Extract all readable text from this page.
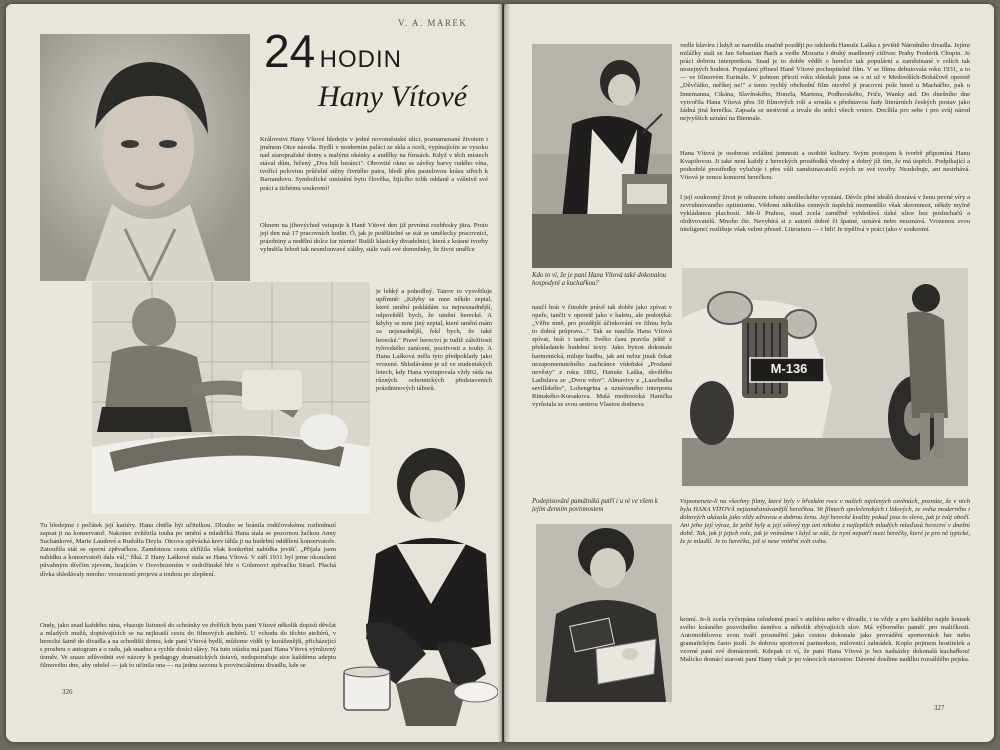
V. A. MAREK
24 HODIN
Hany Vítové
Královstvi Hany Vítové hledejte v jedné novoměstské ulici, poznamenané životem i jménem Otce národa. Bydlí v moderním paláci ze skla a oceli, vypínajícím se vysoko nad staropražské domy s malými okénky a andílky na římsách. Když v těch místech stával dům, řečený „Dva bílí beránci". Obrovité okno se závěsy barvy rudého vína, tvořící polovinu průčelní stěny čtvrtého patra, hledí přes pastelovou krásu střech k Barrandovu. Symbolické umístění bytu člověka, žijícího tolik oddaně a vášnivě své práci a tichému soukromí!
Oknem na jihovýchod vstupuje k Haně Vítové den již prvními rozbřesky jitra. Proto její den má 17 pracovních hodin. Ó, jak je potěšitelné se stát se umělecky pracovnicí, prázdniny a nedělní dolce far niente! Rušili klasicky divadelnici, která z krásné tvorby vyhnětla řehoň tak nesmlouvavé záliby, stále vaší své domněnky, že život umělce
je lehký a pohodlný. Tairov to vysvětluje upřímně: „Kdyby se mne někdo zeptal, které umění pokládám za nejnesnadnější, odpověděl bych, že umění herecké. A kdyby se mne jiný zeptal, které umění mám za nejsnadnější, řekl bych, že také herecké." Pravé herectví je tudíž záležitostí tylovského zanícení, poctivosti a touhy. A Hana Lašková měla tyto předpoklady jako vrozené. Shledáváme je už ve studentských letech, kdy Hana vystupovala vždy ráda na různých ochotnických představeních prázdninových táborů.
Tu hledejme i počátek její kariéry. Hana chtěla být učitelkou. Dlouho se bránila rodičovskému rozhodnutí zapsat ji na konservatoř. Nakonec zvítězila touha po umění a mladičká Hana stala se pozornou žačkou Anny Suchánkové, Marie Laudové a Rudolfa Deyla. Otcova zpěvácká krev táhla ji na hudební oddělení konservatoře. Zatoužila stát se operní zpěvačkou. Zaměstnou cestu zkřížila však konkrétní nabídka jevišť. „Přijala jsem nabídku a konservatoři dala vál," říká. Z Hany Laškové stala se Hana Vítová. V září 1931 byl jeme okouzleni půvabným dívčím zjevem, hrajícím v Osvobozeném v rudolfinské hře o Golemovi zpěvačku Sirael. Plachá dívka shledávaly mnoho: vroucností projevu a touhou po zlepšení.
Ondy, jako snad každého rána, vhazuje listonoš do schránky ve dvěřích bytu paní Vítové několik dopisů děvčat a mladých mužů, doptávajících se na nejkratší cestu do filmových ateliérů. U vchodu do těchto ateliérů, v herecké šatně do divadla a na schodišti domu, kde paní Vítová bydlí, můžeme vidět ty kuráženější, přicházející s prosbou o autogram a o radu, jak snadno a rychle dosíci slávy. Na tuto otázku má paní Hana Vítová výmluvný úsměv. Ve snaze zdůvodnit své názory k pedagogy dramatických ústavů, nedoporučuje sice každému adeptu filmového dne, aby odešel — jak to učinila ona — na jednu sezonu k provinciálnímu divadlu, kde se
326
vedle klavíru i když se narodila značně později po odchodu Hanuše Laška z jeviště Národního divadla. Jejími miláčky stali se Jan Sebastian Bach a vedle Mozarta i druhý madlenný citlivec Prahy Frederik Chopin. Je práci dobrou interpretkou. Snad je to dobře vědět o herečce tak populární a zaměstnané v rolích tak nestejných hodnot. Populární přinesl Haně Vítové pochopitelně film. V se filmu debutovala roku 1931, a to — ve filmovém Eurinále. V jednom přírotí roku shledali jsme se s ní už v Medoolších-Boháčově operetě „Děvčátko, neříkej ne!" a tento rychlý obchodní film otevřel jí pracovní pole hned u Macháčho, pak u Innemanna, Cikána, Slavínského, Honzla, Martena, Podhorského, Friče, Wanky atd. Do dnešního dne vytvořila Hana Vítová přes 30 filmových rolí a srostla s představou řady literárních českých postav jako žádná jiná herečka. Zapsala se nestvrné a trvale do srdcí všech vrstev. Docílila pro sebe i pro svůj národ nejvyšších uznání na Biennale.
Hana Vítová je osobnost zvláštní jemnosti a osobité kultury. Svým postojem k tvorbě připomíná Hanu Kvapilovou. Ji také není každý z hereckých prostředků vhodný a dobrý jíž tím, že má úspěch. Podpíkající a podezřelé prostředky vylučuje i přes vůli zaměstnavatelů svých ze své tvorby. Nezdobuje, ani nestrhává. Vítová je zenou komorní herečkou.
I její soukromý život je odrazem tohoto uměleckého vyznání. Dévče plné ideálů dozrává v ženu pevné víry a zevrubnovaného optimismu. Vědomí několika cenných úspěchů nezmenšilo však skromnost, někdy mylně vykládanou plachostí. Jde-li Prahou, snad zcela zaměřně vyhledává úzké ulice bez posluchačů a obdivovatelů. Mnoho čte. Nevybírá si z autorů dobré či špatné, uznává nebo neuznává. Vrozenou svou inteligencí rozlišuje však velmi přesně. Literaturu — i lidi! Je trpělivá v práci jako v soukromí.
Kdo to ví, že je paní Hana Vítová také dokonalou hospodyní a kuchařkou?
naučí hrát v činohře právě tak dobře jako zpívat v opeře, tančit v operetě jako v baletu, ale podotýká: „Věřte mně, pro pozdější účinkování ve filmu byla to dobrá průprava..." Tak se naučila Hana Vítová zpívat, hrát i tančit. Svého času pravila ještě z překladatele hudební texty. Jako bytost dokonale harmonická, miluje hudbu, jak ani nelze jinak čekat nezapomenutelného zachránce vídeňské „Prodané nevěsty" z roku 1892, Hanuše Laška, skvělého Ladislava ze „Dvou vdov". Almavivy z „Lazebníka sevillského", Lohengrina a uznávaného interpreta Rimského-Korsakova. Malá modroooká Hanička vyrůstala se svou sestrou Vlastou dodneva
M-136
Podepisování památníků patří i u ní ve všem k jejím denním povinnostem
Vzpomenete-li na všechny filmy, které byly v březkém roce v našich mjelených ozvěnách, poznáte, že v nich byla HANA VÍTOVÁ nejzaměstnávanější herečkou. Ve filmech společenských i lidových, ze světa moderního i dobových ukázala jako vždy zdravou a dobrou ženu. Její herecké kvality pokud jsou to sleva, jak je tvůj obočí. Ani jeho její výraz, že ještě byly a její sólový typ ani nikoho z nejlepších mladých mlaďasů herectví v dnešní době. Tak, jak ji jejich role, jak je vnímáme i když se zdá, že nyní nepatří mezi herečky, které je pro ně typické, že je mladší. Je to herečka, jež si nese vnitřní svět světa.
kromí. Je-li zcela vyčerpána celodenní prací v ateliéru nebo v divadle, i tu vždy a pro každého najde kousek svého krásného pozvolného úsměvu a několik zbývajících slov. Má výborného paměť pro maličkosti. Automobilovou svou tváří prosměřní jako cestou dokonale jako provádění sportovních her nebo gramatickým často jezdí. Je dobrou sportovní partnerkou, milovnicí zahrádek. Koplo pojmem hostitelek a vzorné paní své domácnosti. Kdepak ci ví, že paní Hana Vítová je bez nadsázky dokonalá kuchařkou! Malicko domácí starosti paní Hany však je po vánocích starostou: Dávené dosíhne nadílku rozsáhlého pejska.
327
